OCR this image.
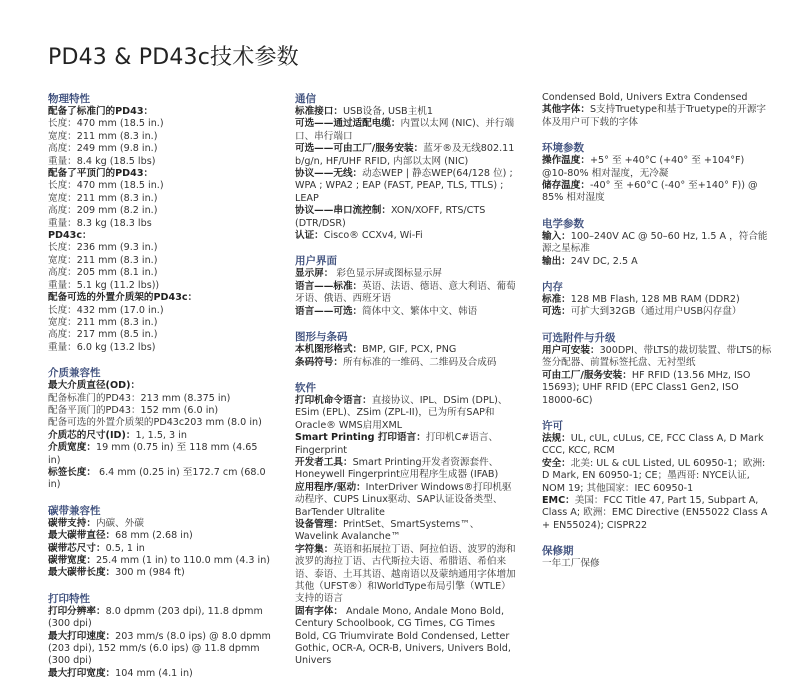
PD43 & PD43c技术参数
物理特性
配备了标准门的PD43：
长度：470 mm (18.5 in.)
宽度：211 mm (8.3 in.)
高度：249 mm (9.8 in.)
重量：8.4 kg (18.5 lbs)
配备了平顶门的PD43：
长度：470 mm (18.5 in.)
宽度：211 mm (8.3 in.)
高度：209 mm (8.2 in.)
重量：8.3 kg (18.3 lbs
PD43c：
长度：236 mm (9.3 in.)
宽度：211 mm (8.3 in.)
高度：205 mm (8.1 in.)
重量：5.1 kg (11.2 lbs))
配备可选的外置介质架的PD43c：
长度：432 mm (17.0 in.)
宽度：211 mm (8.3 in.)
高度：217 mm (8.5 in.)
重量：6.0 kg (13.2 lbs)
介质兼容性
最大介质直径(OD)：
配备标准门的PD43：213 mm (8.375 in)
配备平顶门的PD43：152 mm (6.0 in)
配备可选的外置介质架的PD43c203 mm (8.0 in)
介质芯的尺寸(ID)：1, 1.5, 3 in
介质宽度：19 mm (0.75 in) 至 118 mm (4.65 in)
标签长度： 6.4 mm (0.25 in) 至172.7 cm (68.0 in)
碳带兼容性
碳带支持：内碳、外碳
最大碳带直径：68 mm (2.68 in)
碳带芯尺寸：0.5, 1 in
碳带宽度：25.4 mm (1 in) to 110.0 mm (4.3 in)
最大碳带长度：300 m (984 ft)
打印特性
打印分辨率：8.0 dpmm (203 dpi), 11.8 dpmm (300 dpi)
最大打印速度：203 mm/s (8.0 ips) @ 8.0 dpmm (203 dpi), 152 mm/s (6.0 ips) @ 11.8 dpmm (300 dpi)
最大打印宽度：104 mm (4.1 in)
通信
标准接口：USB设备, USB主机1
可选——通过适配电缆：内置以太网 (NIC)、并行端口、串行端口
可选——可由工厂/服务安装：蓝牙®及无线802.11 b/g/n, HF/UHF RFID, 内部以太网 (NIC)
协议——无线：动态WEP | 静态WEP(64/128 位) ; WPA ; WPA2 ; EAP (FAST, PEAP, TLS, TTLS) ; LEAP
协议——串口流控制：XON/XOFF, RTS/CTS (DTR/DSR)
认证：Cisco® CCXv4, Wi-Fi
用户界面
显示屏： 彩色显示屏或图标显示屏
语言——标准：英语、法语、德语、意大利语、葡萄牙语、俄语、西班牙语
语言——可选：简体中文、繁体中文、韩语
图形与条码
本机图形格式：BMP, GIF, PCX, PNG
条码符号：所有标准的一维码、二维码及合成码
软件
打印机命令语言：直接协议、IPL、DSim (DPL)、ESim (EPL)、ZSim (ZPL-II)，已为所有SAP和Oracle® WMS启用XML
Smart Printing 打印语言：打印机C#语言、Fingerprint
开发者工具：Smart Printing开发者资源套件、Honeywell Fingerprint应用程序生成器 (IFAB)
应用程序/驱动：InterDriver Windows®打印机驱动程序、CUPS Linux驱动、SAP认证设备类型、BarTender Ultralite
设备管理：PrintSet、SmartSystems™、Wavelink Avalanche™
字符集：英语和拓展拉丁语、阿拉伯语、波罗的海和波罗的海拉丁语、古代斯拉夫语、希腊语、希伯来语、泰语、土耳其语、越南语以及蒙纳通用字体增加其他（UFST®）和WorldType布局引擎（WTLE）支持的语言
固有字体： Andale Mono, Andale Mono Bold, Century Schoolbook, CG Times, CG Times Bold, CG Triumvirate Bold Condensed, Letter Gothic, OCR-A, OCR-B, Univers, Univers Bold, Univers
Condensed Bold, Univers Extra Condensed
其他字体：S支持Truetype和基于Truetype的开源字体及用户可下载的字体
环境参数
操作温度：+5° 至 +40°C (+40° 至 +104°F) @10-80% 相对湿度，无冷凝
储存温度：-40° 至 +60°C (-40° 至+140° F)) @ 85% 相对湿度
电学参数
输入：100–240V AC @ 50–60 Hz, 1.5 A ，符合能源之星标准
输出：24V DC, 2.5 A
内存
标准：128 MB Flash, 128 MB RAM (DDR2)
可选：可扩大到32GB（通过用户USB闪存盘）
可选附件与升级
用户可安装：300DPI、带LTS的裁切装置、带LTS的标签分配器、前置标签托盘、无衬型纸
可由工厂/服务安装：HF RFID (13.56 MHz, ISO 15693); UHF RFID (EPC Class1 Gen2, ISO 18000-6C)
许可
法规：UL, cUL, cULus, CE, FCC Class A, D Mark CCC, KCC, RCM
安全：北美: UL & cUL Listed, UL 60950-1；欧洲: D Mark, EN 60950-1; CE；墨西哥: NYCE认证, NOM 19; 其他国家：IEC 60950-1
EMC：美国：FCC Title 47, Part 15, Subpart A, Class A; 欧洲：EMC Directive (EN55022 Class A + EN55024); CISPR22
保修期
一年工厂保修
